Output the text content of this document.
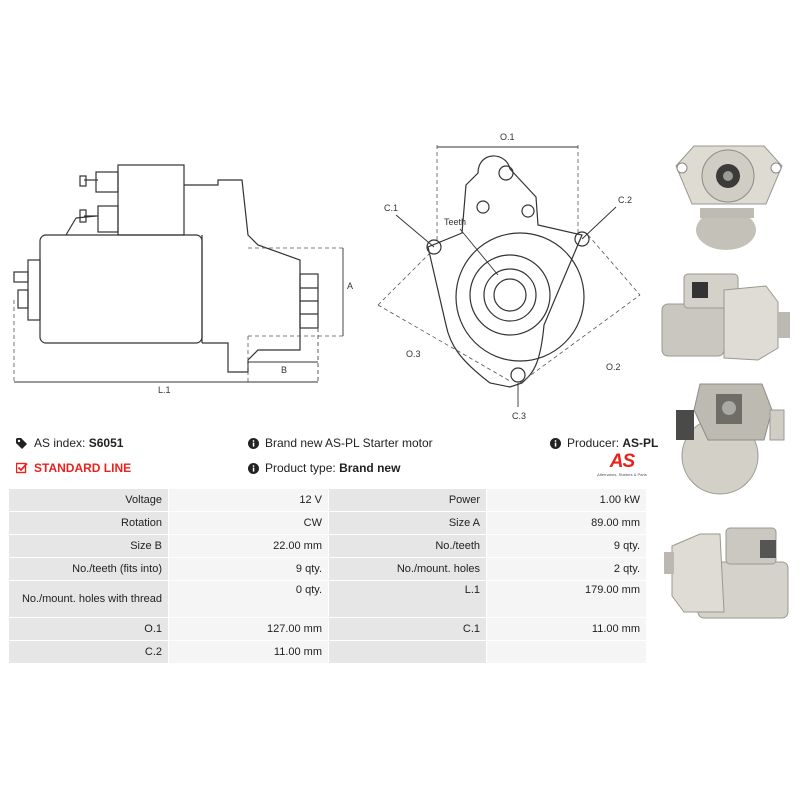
A
B
L.1
O.1
O.2
O.3
C.1
C.2
C.3
Teeth
AS index:
S6051	Brand new AS-PL Starter motor	Producer:
AS-PL
STANDARD LINE	Product type:
Brand new	AS
Alternators, Starters & Parts
Voltage	12 V	Power	1.00 kW
Rotation	CW	Size A	89.00 mm
Size B	22.00 mm	No./teeth	9 qty.
No./teeth (fits into)	9 qty.	No./mount. holes	2 qty.
No./mount. holes with thread	0 qty.	L.1	179.00 mm
O.1	127.00 mm	C.1	11.00 mm
C.2	11.00 mm		
